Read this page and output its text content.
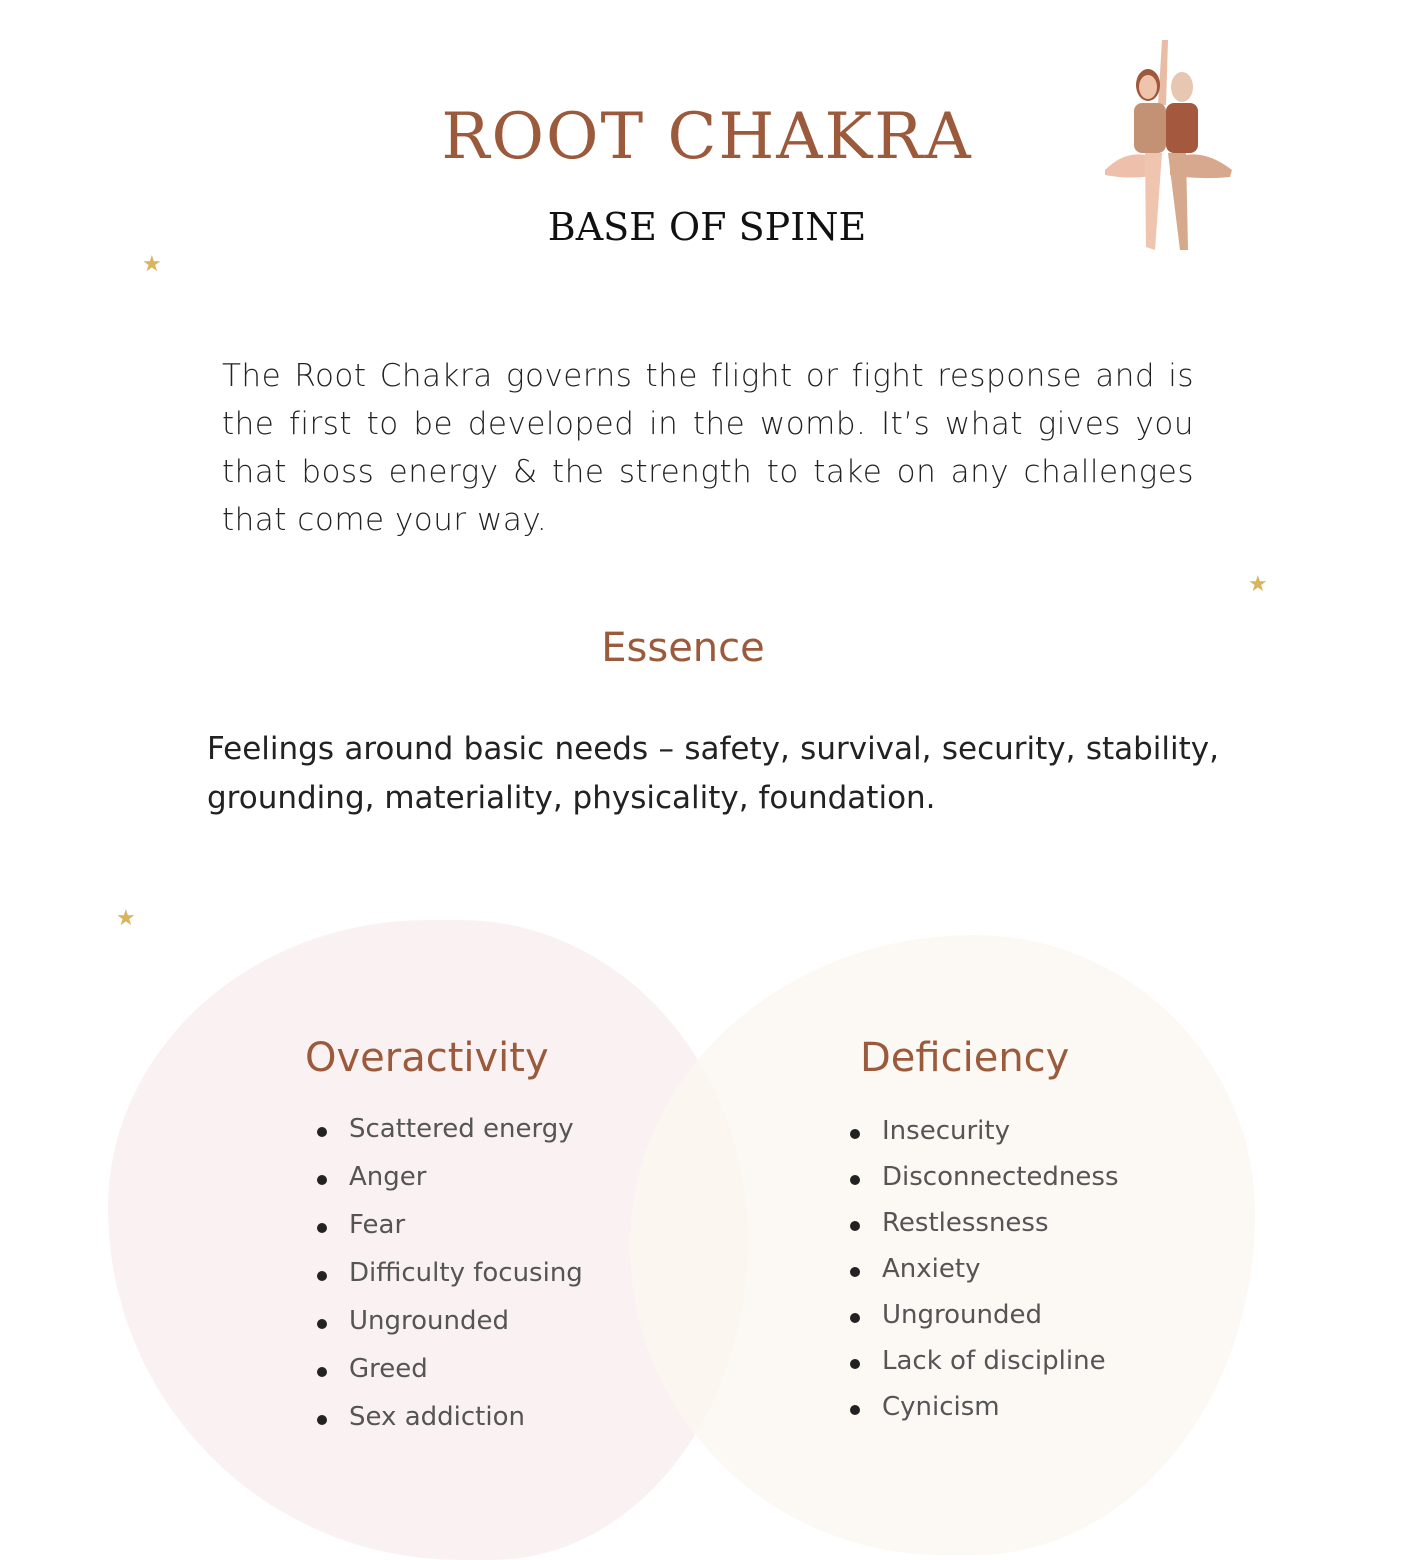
ROOT CHAKRA
BASE OF SPINE
★
★
★
The Root Chakra governs the flight or fight response and is the first to be developed in the womb. It’s what gives you that boss energy & the strength to take on any challenges that come your way.
Essence
Feelings around basic needs – safety, survival, security, stability, grounding, materiality, physicality, foundation.
Overactivity
Scattered energy
Anger
Fear
Difficulty focusing
Ungrounded
Greed
Sex addiction
Deficiency
Insecurity
Disconnectedness
Restlessness
Anxiety
Ungrounded
Lack of discipline
Cynicism
